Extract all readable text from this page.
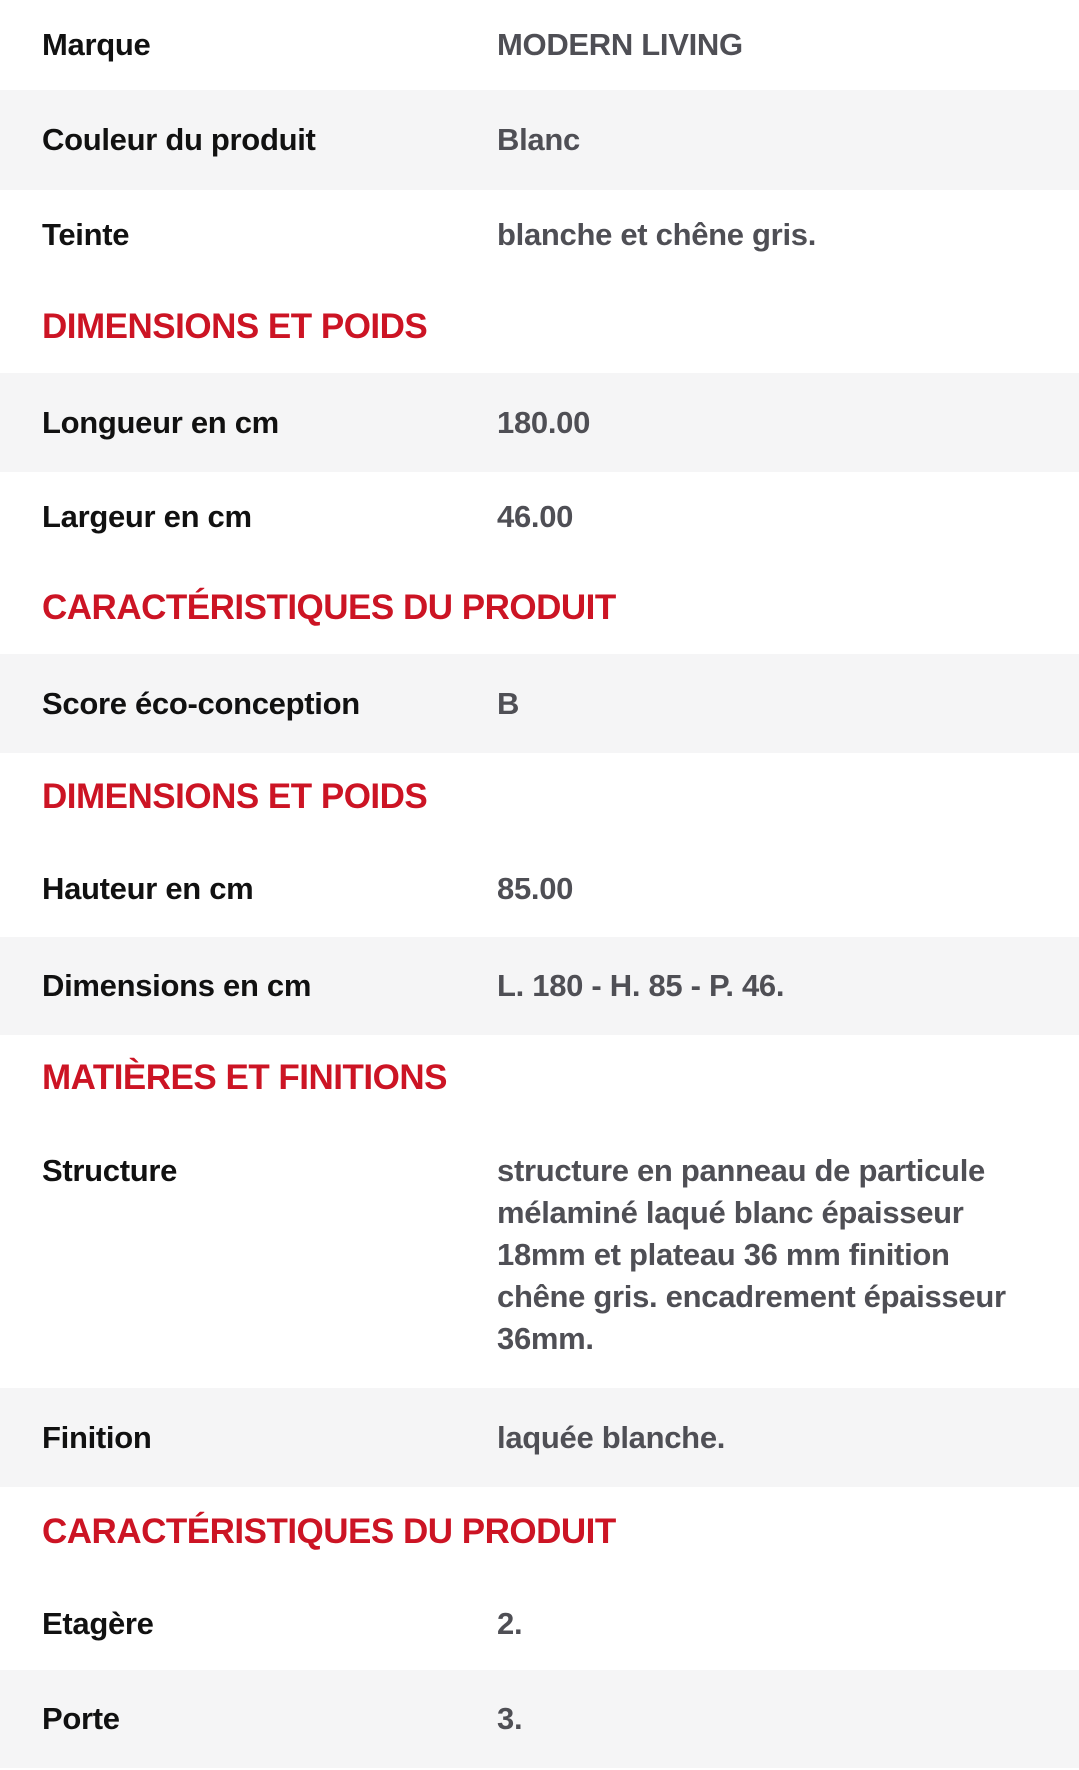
Marque	MODERN LIVING
Couleur du produit	Blanc
Teinte	blanche et chêne gris.
DIMENSIONS ET POIDS
Longueur en cm	180.00
Largeur en cm	46.00
CARACTÉRISTIQUES DU PRODUIT
Score éco-conception	B
DIMENSIONS ET POIDS
Hauteur en cm	85.00
Dimensions en cm	L. 180 - H. 85 - P. 46.
MATIÈRES ET FINITIONS
Structure	structure en panneau de particule mélaminé laqué blanc épaisseur 18mm et plateau 36 mm finition chêne gris. encadrement épaisseur 36mm.
Finition	laquée blanche.
CARACTÉRISTIQUES DU PRODUIT
Etagère	2.
Porte	3.
